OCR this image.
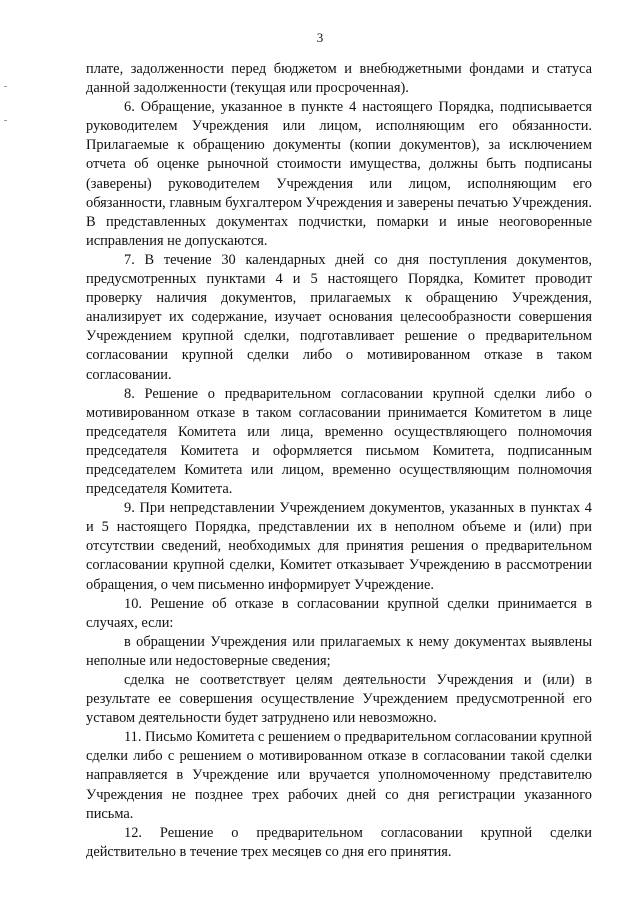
3

плате, задолженности перед бюджетом и внебюджетными фондами и статуса данной задолженности (текущая или просроченная).

6. Обращение, указанное в пункте 4 настоящего Порядка, подписывается руководителем Учреждения или лицом, исполняющим его обязанности. Прилагаемые к обращению документы (копии документов), за исключением отчета об оценке рыночной стоимости имущества, должны быть подписаны (заверены) руководителем Учреждения или лицом, исполняющим его обязанности, главным бухгалтером Учреждения и заверены печатью Учреждения. В представленных документах подчистки, помарки и иные неоговоренные исправления не допускаются.

7. В течение 30 календарных дней со дня поступления документов, предусмотренных пунктами 4 и 5 настоящего Порядка, Комитет проводит проверку наличия документов, прилагаемых к обращению Учреждения, анализирует их содержание, изучает основания целесообразности совершения Учреждением крупной сделки, подготавливает решение о предварительном согласовании крупной сделки либо о мотивированном отказе в таком согласовании.

8. Решение о предварительном согласовании крупной сделки либо о мотивированном отказе в таком согласовании принимается Комитетом в лице председателя Комитета или лица, временно осуществляющего полномочия председателя Комитета и оформляется письмом Комитета, подписанным председателем Комитета или лицом, временно осуществляющим полномочия председателя Комитета.

9. При непредставлении Учреждением документов, указанных в пунктах 4 и 5 настоящего Порядка, представлении их в неполном объеме и (или) при отсутствии сведений, необходимых для принятия решения о предварительном согласовании крупной сделки, Комитет отказывает Учреждению в рассмотрении обращения, о чем письменно информирует Учреждение.

10. Решение об отказе в согласовании крупной сделки принимается в случаях, если:

в обращении Учреждения или прилагаемых к нему документах выявлены неполные или недостоверные сведения;

сделка не соответствует целям деятельности Учреждения и (или) в результате ее совершения осуществление Учреждением предусмотренной его уставом деятельности будет затруднено или невозможно.

11. Письмо Комитета с решением о предварительном согласовании крупной сделки либо с решением о мотивированном отказе в согласовании такой сделки направляется в Учреждение или вручается уполномоченному представителю Учреждения не позднее трех рабочих дней со дня регистрации указанного письма.

12. Решение о предварительном согласовании крупной сделки действительно в течение трех месяцев со дня его принятия.
